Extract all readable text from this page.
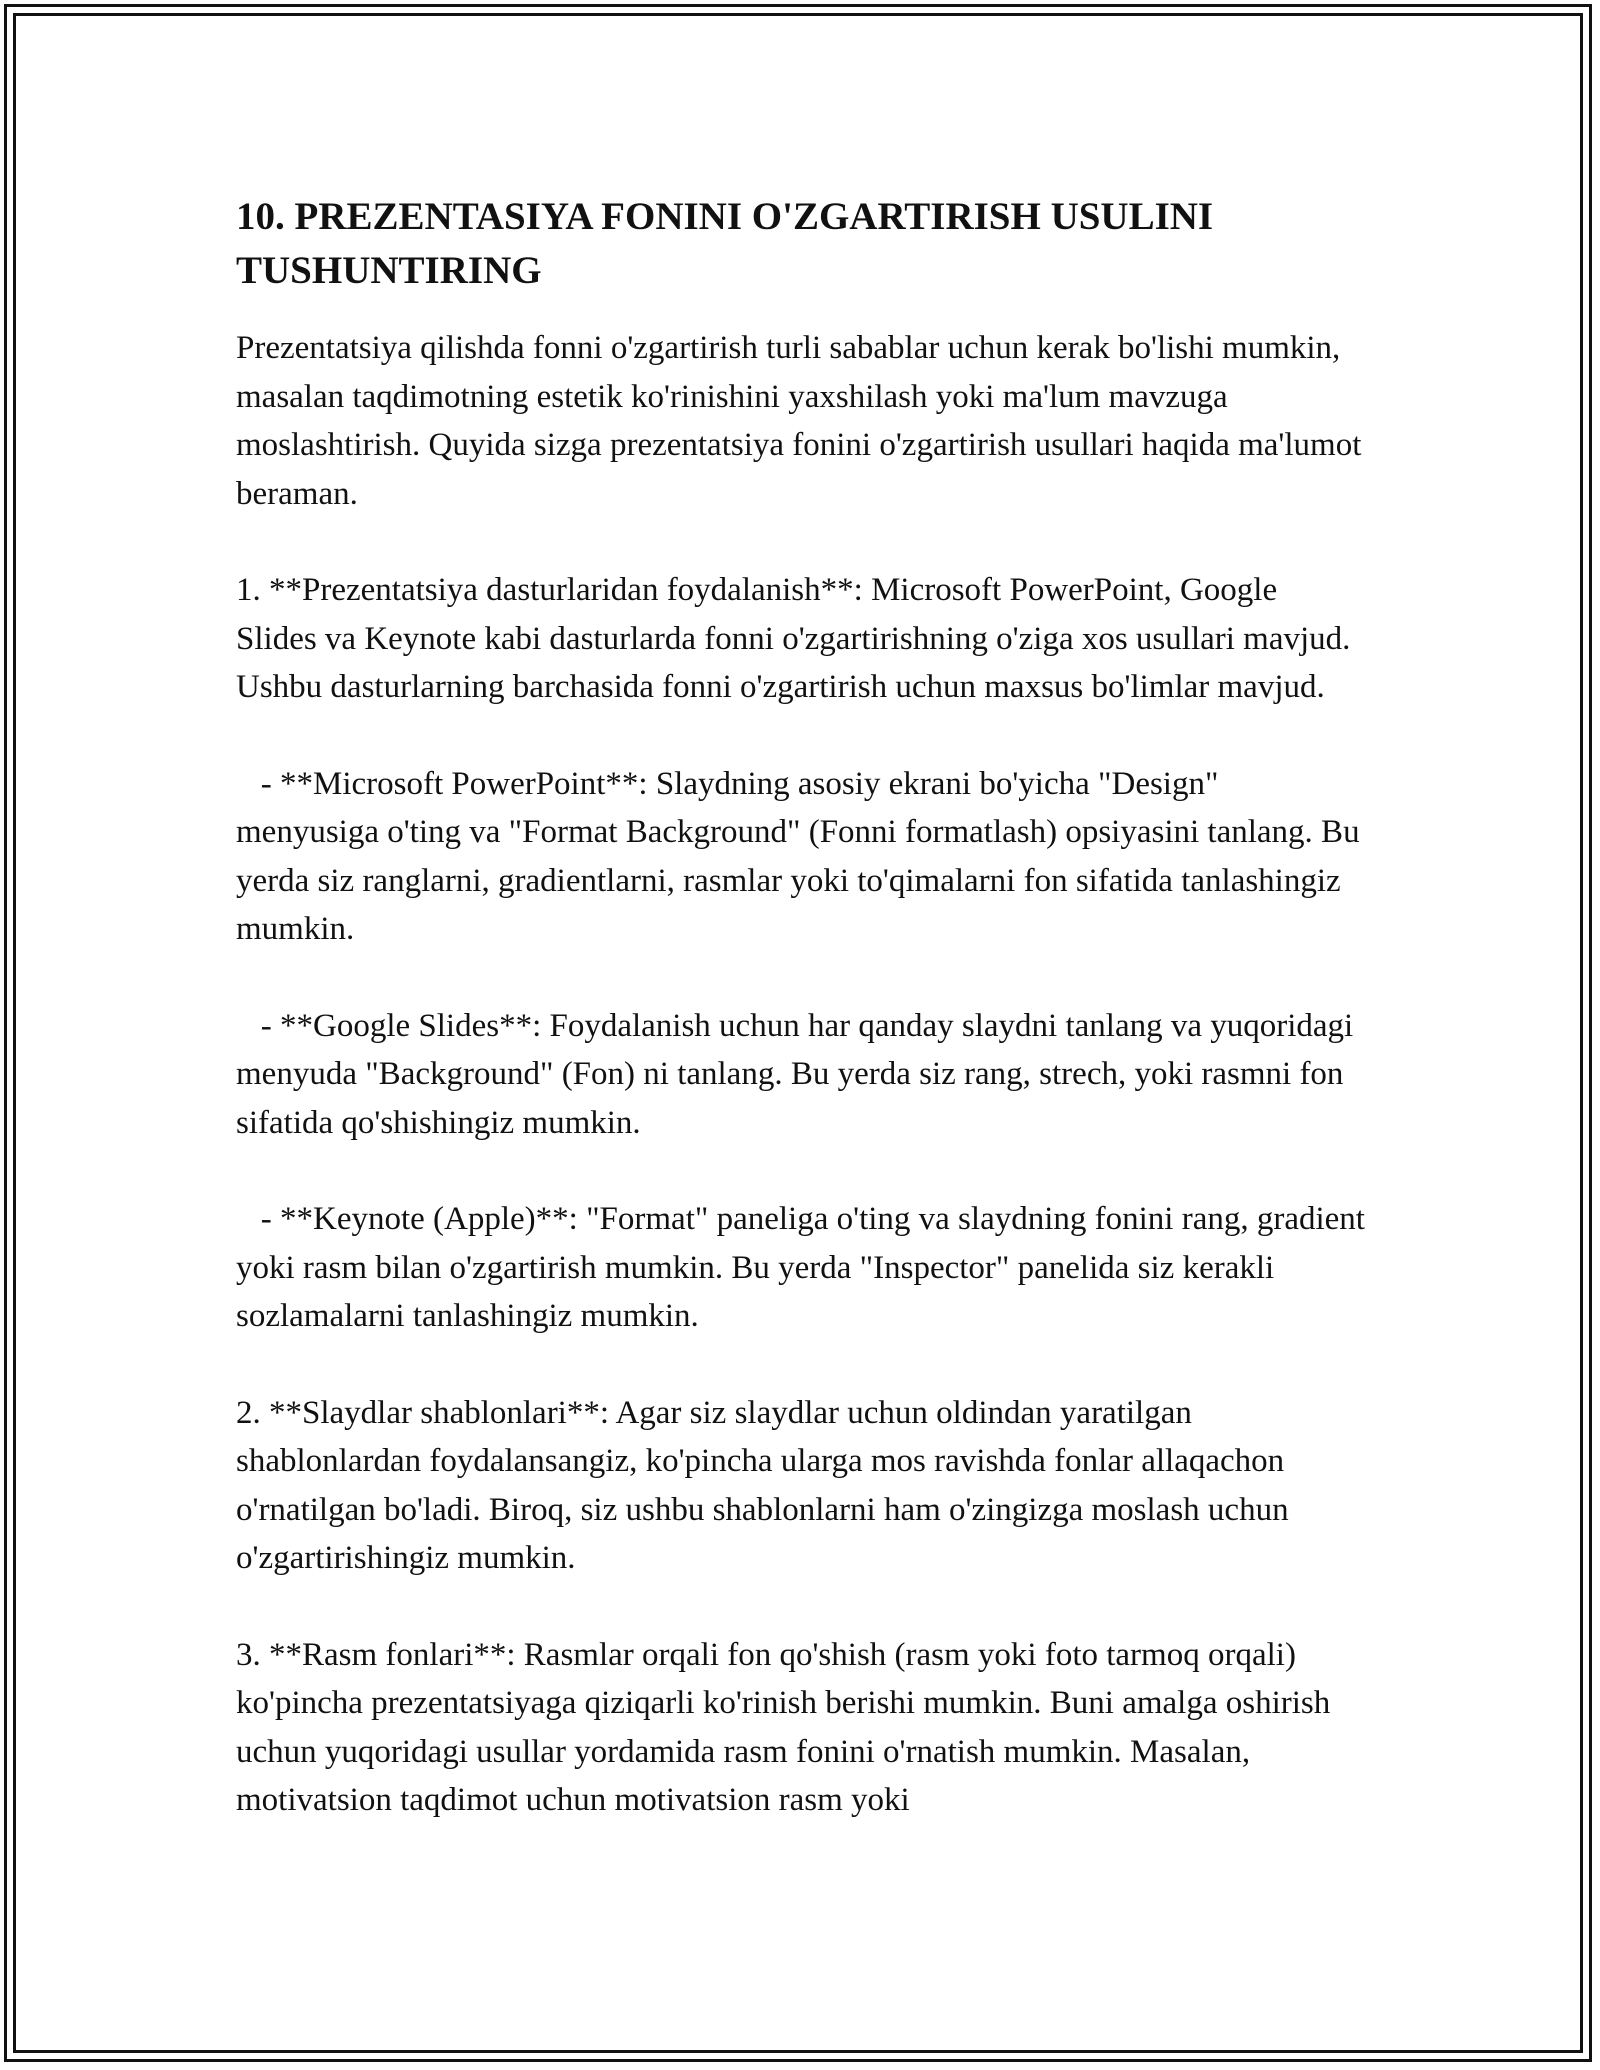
10. PREZENTASIYA FONINI O'ZGARTIRISH USULINI TUSHUNTIRING

Prezentatsiya qilishda fonni o'zgartirish turli sabablar uchun kerak bo'lishi mumkin, masalan taqdimotning estetik ko'rinishini yaxshilash yoki ma'lum mavzuga moslashtirish. Quyida sizga prezentatsiya fonini o'zgartirish usullari haqida ma'lumot beraman.

1. **Prezentatsiya dasturlaridan foydalanish**: Microsoft PowerPoint, Google Slides va Keynote kabi dasturlarda fonni o'zgartirishning o'ziga xos usullari mavjud. Ushbu dasturlarning barchasida fonni o'zgartirish uchun maxsus bo'limlar mavjud.

- **Microsoft PowerPoint**: Slaydning asosiy ekrani bo'yicha "Design" menyusiga o'ting va "Format Background" (Fonni formatlash) opsiyasini tanlang. Bu yerda siz ranglarni, gradientlarni, rasmlar yoki to'qimalarni fon sifatida tanlashingiz mumkin.

- **Google Slides**: Foydalanish uchun har qanday slaydni tanlang va yuqoridagi menyuda "Background" (Fon) ni tanlang. Bu yerda siz rang, strech, yoki rasmni fon sifatida qo'shishingiz mumkin.

- **Keynote (Apple)**: "Format" paneliga o'ting va slaydning fonini rang, gradient yoki rasm bilan o'zgartirish mumkin. Bu yerda "Inspector" panelida siz kerakli sozlamalarni tanlashingiz mumkin.

2. **Slaydlar shablonlari**: Agar siz slaydlar uchun oldindan yaratilgan shablonlardan foydalansangiz, ko'pincha ularga mos ravishda fonlar allaqachon o'rnatilgan bo'ladi. Biroq, siz ushbu shablonlarni ham o'zingizga moslash uchun o'zgartirishingiz mumkin.

3. **Rasm fonlari**: Rasmlar orqali fon qo'shish (rasm yoki foto tarmoq orqali) ko'pincha prezentatsiyaga qiziqarli ko'rinish berishi mumkin. Buni amalga oshirish uchun yuqoridagi usullar yordamida rasm fonini o'rnatish mumkin. Masalan, motivatsion taqdimot uchun motivatsion rasm yoki
